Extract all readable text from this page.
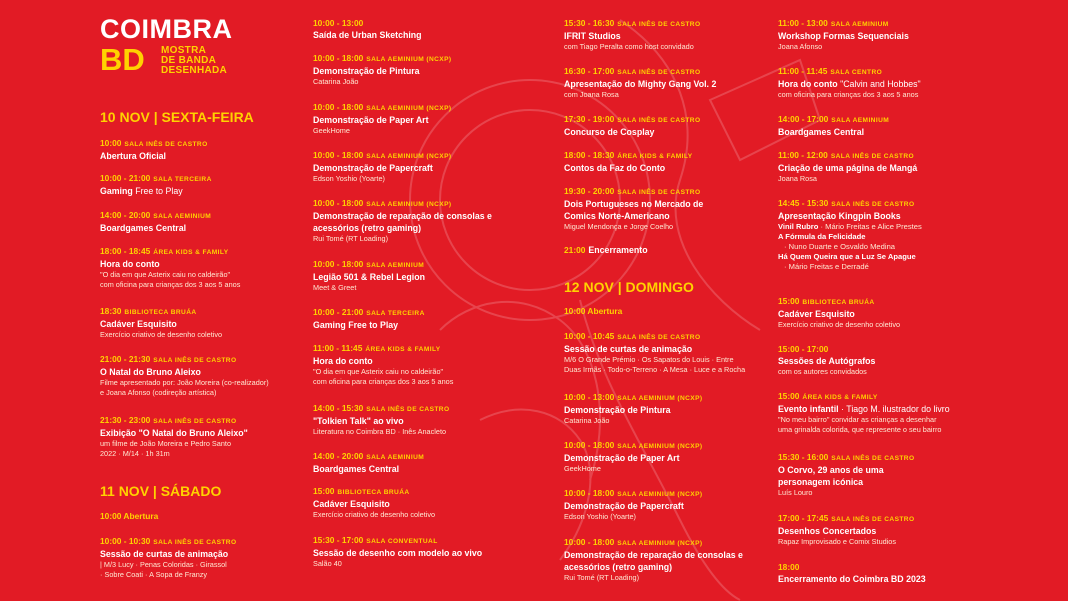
COIMBRA
BD MOSTRA
DE BANDA
DESENHADA
10 NOV | SEXTA-FEIRA
11 NOV | SÁBADO
12 NOV | DOMINGO
10:00 SALA INÊS DE CASTRO
Abertura Oficial
10:00 - 21:00 SALA TERCEIRA
Gaming Free to Play
14:00 - 20:00 SALA AEMINIUM
Boardgames Central
18:00 - 18:45 ÁREA KIDS & FAMILY
Hora do conto
"O dia em que Asterix caiu no caldeirão"
com oficina para crianças dos 3 aos 5 anos
18:30 BIBLIOTECA BRUÁA
Cadáver Esquisito
Exercício criativo de desenho coletivo
21:00 - 21:30 SALA INÊS DE CASTRO
O Natal do Bruno Aleixo
Filme apresentado por: João Moreira (co-realizador)
e Joana Afonso (codireção artística)
21:30 - 23:00 SALA INÊS DE CASTRO
Exibição "O Natal do Bruno Aleixo"
um filme de João Moreira e Pedro Santo
2022 · M/14 · 1h 31m
10:00 Abertura
10:00 - 10:30 SALA INÊS DE CASTRO
Sessão de curtas de animação
| M/3 Lucy · Penas Coloridas · Girassol
· Sobre Coati · A Sopa de Franzy
10:00 - 13:00
Saída de Urban Sketching
10:00 - 18:00 SALA AEMINIUM (NCXP)
Demonstração de Pintura
Catarina João
10:00 - 18:00 SALA AEMINIUM (NCXP)
Demonstração de Paper Art
GeekHome
10:00 - 18:00 SALA AEMINIUM (NCXP)
Demonstração de Papercraft
Edson Yoshio (Yoarte)
10:00 - 18:00 SALA AEMINIUM (NCXP)
Demonstração de reparação de consolas e acessórios (retro gaming)
Rui Tomé (RT Loading)
10:00 - 18:00 SALA AEMINIUM
Legião 501 & Rebel Legion
Meet & Greet
10:00 - 21:00 SALA TERCEIRA
Gaming Free to Play
11:00 - 11:45 ÁREA KIDS & FAMILY
Hora do conto
"O dia em que Asterix caiu no caldeirão"
com oficina para crianças dos 3 aos 5 anos
14:00 - 15:30 SALA INÊS DE CASTRO
"Tolkien Talk" ao vivo
Literatura no Coimbra BD · Inês Anacleto
14:00 - 20:00 SALA AEMINIUM
Boardgames Central
15:00 BIBLIOTECA BRUÁA
Cadáver Esquisito
Exercício criativo de desenho coletivo
15:30 - 17:00 SALA CONVENTUAL
Sessão de desenho com modelo ao vivo
Salão 40
15:30 - 16:30 SALA INÊS DE CASTRO
IFRIT Studios
com Tiago Peralta como host convidado
16:30 - 17:00 SALA INÊS DE CASTRO
Apresentação do Mighty Gang Vol. 2
com Joana Rosa
17:30 - 19:00 SALA INÊS DE CASTRO
Concurso de Cosplay
18:00 - 18:30 ÁREA KIDS & FAMILY
Contos da Faz do Conto
19:30 - 20:00 SALA INÊS DE CASTRO
Dois Portugueses no Mercado de Comics Norte-Americano
Miguel Mendonça e Jorge Coelho
21:00 Encerramento
10:00 Abertura
10:00 - 10:45 SALA INÊS DE CASTRO
Sessão de curtas de animação
M/6 O Grande Prémio · Os Sapatos do Louis · Entre
Duas Irmãs · Todo-o-Terreno · A Mesa · Luce e a Rocha
10:00 - 13:00 SALA AEMINIUM (NCXP)
Demonstração de Pintura
Catarina João
10:00 - 18:00 SALA AEMINIUM (NCXP)
Demonstração de Paper Art
GeekHome
10:00 - 18:00 SALA AEMINIUM (NCXP)
Demonstração de Papercraft
Edson Yoshio (Yoarte)
10:00 - 18:00 SALA AEMINIUM (NCXP)
Demonstração de reparação de consolas e acessórios (retro gaming)
Rui Tomé (RT Loading)
11:00 - 13:00 SALA AEMINIUM
Workshop Formas Sequenciais
Joana Afonso
11:00 - 11:45 SALA CENTRO
Hora do conto "Calvin and Hobbes"
com oficina para crianças dos 3 aos 5 anos
14:00 - 17:00 SALA AEMINIUM
Boardgames Central
11:00 - 12:00 SALA INÊS DE CASTRO
Criação de uma página de Mangá
Joana Rosa
14:45 - 15:30 SALA INÊS DE CASTRO
Apresentação Kingpin Books
Vinil Rubro · Mário Freitas e Alice Prestes
A Fórmula da Felicidade
· Nuno Duarte e Osvaldo Medina
Há Quem Queira que a Luz Se Apague
· Mário Freitas e Derradé
15:00 BIBLIOTECA BRUÁA
Cadáver Esquisito
Exercício criativo de desenho coletivo
15:00 - 17:00
Sessões de Autógrafos
com os autores convidados
15:00 ÁREA KIDS & FAMILY
Evento infantil · Tiago M. ilustrador do livro
"No meu bairro" convidar as crianças a desenhar
uma grinalda colorida, que represente o seu bairro
15:30 - 16:00 SALA INÊS DE CASTRO
O Corvo, 29 anos de uma personagem icónica
Luís Louro
17:00 - 17:45 SALA INÊS DE CASTRO
Desenhos Concertados
Rapaz Improvisado e Comix Studios
18:00
Encerramento do Coimbra BD 2023
